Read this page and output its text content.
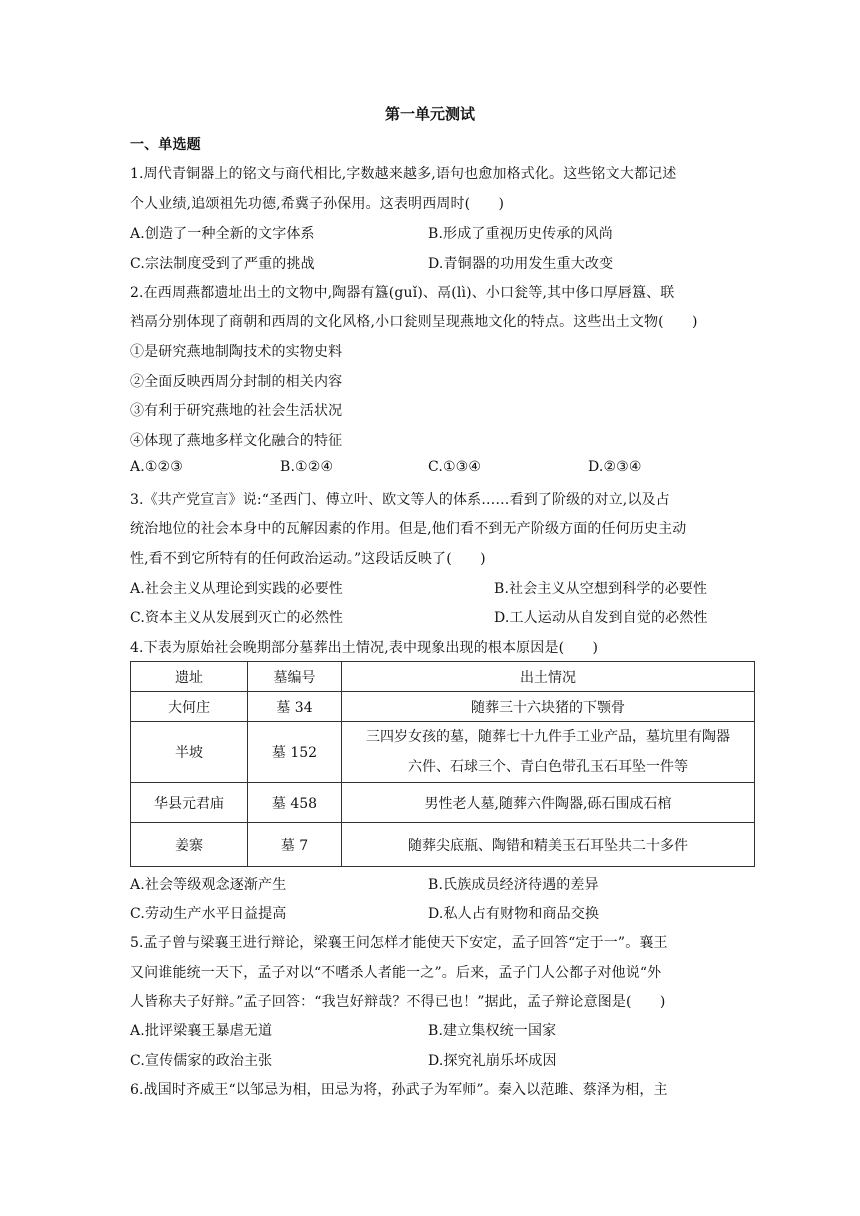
第一单元测试
一、单选题
1.周代青铜器上的铭文与商代相比,字数越来越多,语句也愈加格式化。这些铭文大都记述
个人业绩,追颂祖先功德,希冀子孙保用。这表明西周时(　　)
A.创造了一种全新的文字体系	B.形成了重视历史传承的风尚
C.宗法制度受到了严重的挑战	D.青铜器的功用发生重大改变
2.在西周燕都遗址出土的文物中,陶器有簋(guǐ)、鬲(lì)、小口瓮等,其中侈口厚唇簋、联
裆鬲分别体现了商朝和西周的文化风格,小口瓮则呈现燕地文化的特点。这些出土文物(　　)
①是研究燕地制陶技术的实物史料
②全面反映西周分封制的相关内容
③有利于研究燕地的社会生活状况
④体现了燕地多样文化融合的特征
A.①②③	B.①②④	C.①③④	D.②③④
3.《共产党宣言》说:“圣西门、傅立叶、欧文等人的体系……看到了阶级的对立,以及占
统治地位的社会本身中的瓦解因素的作用。但是,他们看不到无产阶级方面的任何历史主动
性,看不到它所特有的任何政治运动。”这段话反映了(　　)
A.社会主义从理论到实践的必要性	B.社会主义从空想到科学的必要性
C.资本主义从发展到灭亡的必然性	D.工人运动从自发到自觉的必然性
4.下表为原始社会晚期部分墓葬出土情况,表中现象出现的根本原因是(　　)
遗址	墓编号	出土情况
大何庄	墓 34	随葬三十六块猪的下颚骨
半坡	墓 152	三四岁女孩的墓，随葬七十九件手工业产品，墓坑里有陶器
六件、石球三个、青白色带孔玉石耳坠一件等

华县元君庙	墓 458	男性老人墓,随葬六件陶器,砾石围成石棺
姜寨	墓 7	随葬尖底瓶、陶错和精美玉石耳坠共二十多件
A.社会等级观念逐渐产生	B.氏族成员经济待遇的差异
C.劳动生产水平日益提高	D.私人占有财物和商品交换
5.孟子曾与梁襄王进行辩论，梁襄王问怎样才能使天下安定，孟子回答“定于一”。襄王
又问谁能统一天下，孟子对以“不嗜杀人者能一之”。后来，孟子门人公都子对他说“外
人皆称夫子好辩。”孟子回答：“我岂好辩哉？不得已也！”据此，孟子辩论意图是(　　)
A.批评梁襄王暴虐无道	B.建立集权统一国家
C.宣传儒家的政治主张	D.探究礼崩乐坏成因
6.战国时齐威王“以邹忌为相，田忌为将，孙武子为军师”。秦入以范雎、蔡泽为相，主
